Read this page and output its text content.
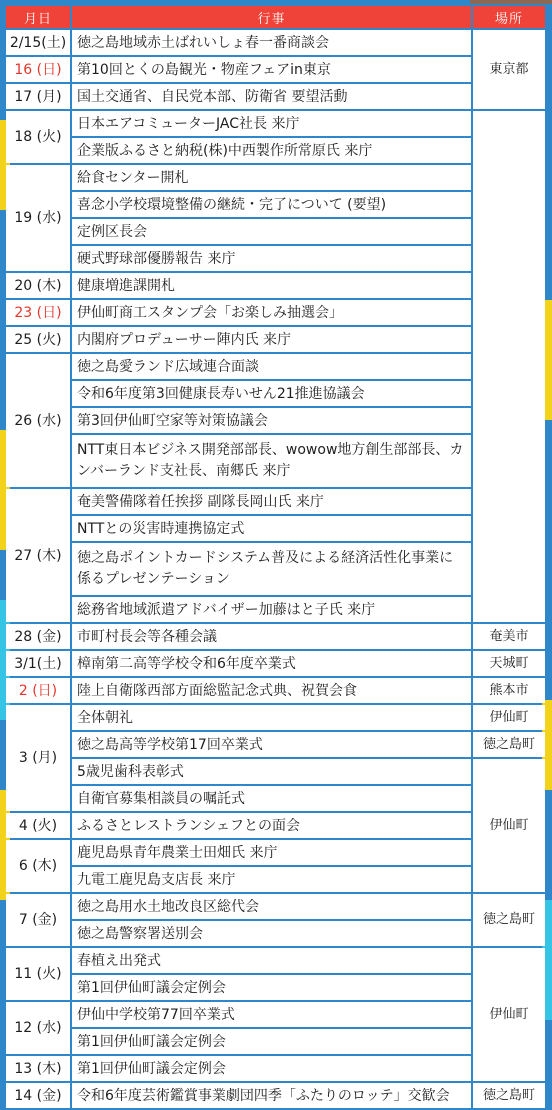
月日	行事	場所
2/15(土)	徳之島地域赤土ばれいしょ春一番商談会	東京都
16 (日)	第10回とくの島観光・物産フェアin東京	
17 (月)	国土交通省、自民党本部、防衛省 要望活動	
18 (火)	日本エアコミューターJAC社長 来庁	
	企業版ふるさと納税(株)中西製作所常原氏 来庁	
19 (水)	給食センター開札	
	喜念小学校環境整備の継続・完了について (要望)	
	定例区長会	
	硬式野球部優勝報告 来庁	
20 (木)	健康増進課開札	
23 (日)	伊仙町商工スタンプ会「お楽しみ抽選会」	
25 (火)	内閣府プロデューサー陣内氏 来庁	
26 (水)	徳之島愛ランド広域連合面談	
	令和6年度第3回健康長寿いせん21推進協議会	
	第3回伊仙町空家等対策協議会	
	NTT東日本ビジネス開発部部長、wowow地方創生部部長、カンバーランド支社長、南郷氏 来庁	
27 (木)	奄美警備隊着任挨拶 副隊長岡山氏 来庁	
	NTTとの災害時連携協定式	
	徳之島ポイントカードシステム普及による経済活性化事業に係るプレゼンテーション	
	総務省地域派遣アドバイザー加藤はと子氏 来庁	
28 (金)	市町村長会等各種会議	奄美市
3/1(土)	樟南第二高等学校令和6年度卒業式	天城町
2 (日)	陸上自衛隊西部方面総監記念式典、祝賀会食	熊本市
3 (月)	全体朝礼	伊仙町
	徳之島高等学校第17回卒業式	徳之島町
	5歳児歯科表彰式	伊仙町
	自衛官募集相談員の嘱託式	
4 (火)	ふるさとレストランシェフとの面会	
6 (木)	鹿児島県青年農業士田畑氏 来庁	
	九電工鹿児島支店長 来庁	
7 (金)	徳之島用水土地改良区総代会	徳之島町
	徳之島警察署送別会	
11 (火)	春植え出発式	伊仙町
	第1回伊仙町議会定例会	
12 (水)	伊仙中学校第77回卒業式	
	第1回伊仙町議会定例会	
13 (木)	第1回伊仙町議会定例会	
14 (金)	令和6年度芸術鑑賞事業劇団四季「ふたりのロッテ」交歓会	徳之島町
